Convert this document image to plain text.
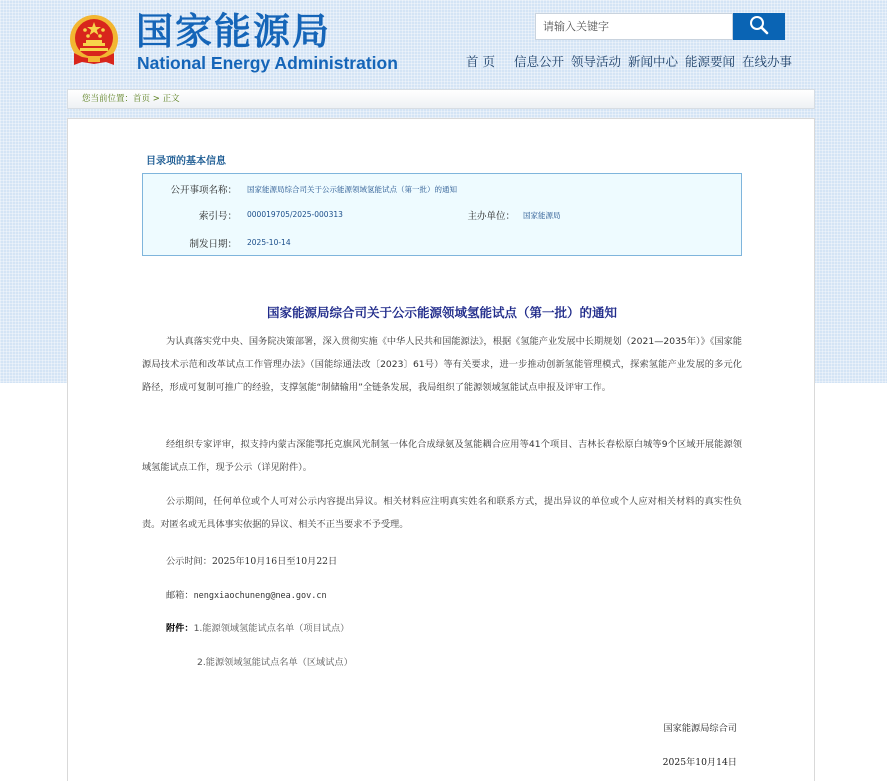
国家能源局
National Energy Administration
请输入关键字	首 页 信息公开 领导活动 新闻中心 能源要闻 在线办事
您当前位置：首页 > 正文
目录项的基本信息
公开事项名称： 国家能源局综合司关于公示能源领域氢能试点（第一批）的通知
索引号： 000019705/2025-000313	主办单位： 国家能源局
制发日期： 2025-10-14
国家能源局综合司关于公示能源领域氢能试点（第一批）的通知

为认真落实党中央、国务院决策部署，深入贯彻实施《中华人民共和国能源法》，根据《氢能产业发展中长期规划（2021—2035年）》《国家能源局技术示范和改革试点工作管理办法》（国能综通法改〔2023〕61号）等有关要求，进一步推动创新氢能管理模式，探索氢能产业发展的多元化路径，形成可复制可推广的经验，支撑氢能“制储输用”全链条发展，我局组织了能源领域氢能试点申报及评审工作。

经组织专家评审，拟支持内蒙古深能鄂托克旗风光制氢一体化合成绿氨及氢能耦合应用等41个项目、吉林长春松原白城等9个区域开展能源领域氢能试点工作，现予公示（详见附件）。

公示期间，任何单位或个人可对公示内容提出异议。相关材料应注明真实姓名和联系方式，提出异议的单位或个人应对相关材料的真实性负责。对匿名或无具体事实依据的异议、相关不正当要求不予受理。

公示时间：2025年10月16日至10月22日
邮箱：nengxiaochuneng@nea.gov.cn
附件：1.能源领域氢能试点名单（项目试点）
2.能源领域氢能试点名单（区域试点）
国家能源局综合司
2025年10月14日
